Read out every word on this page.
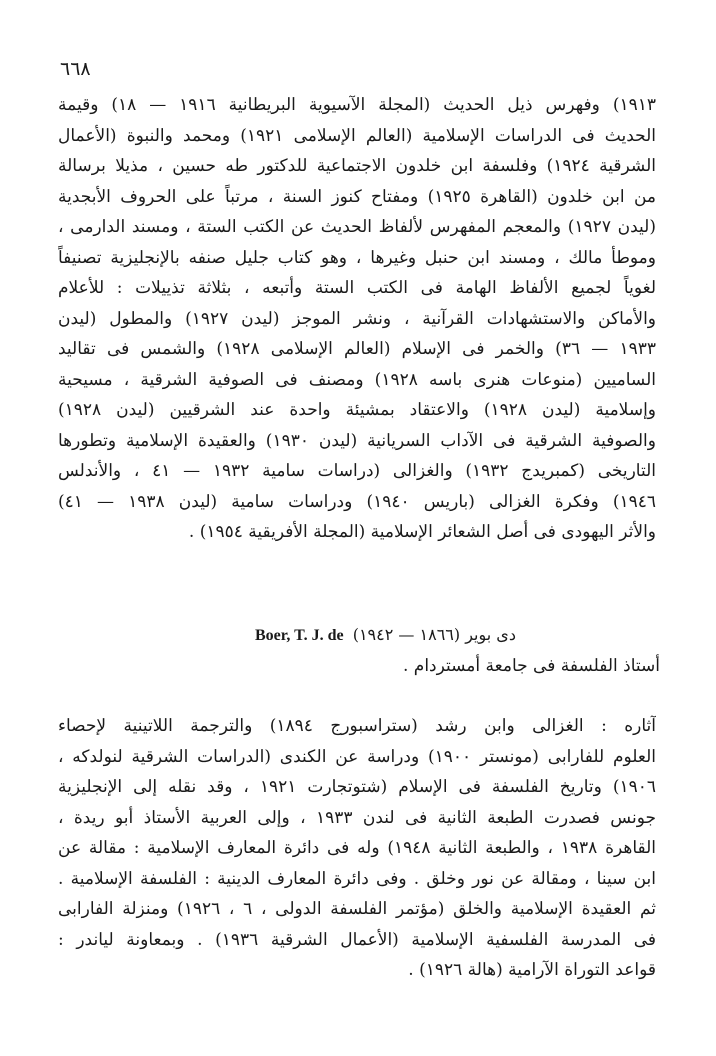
٦٦٨
١٩١٣) وفهرس ذيل الحديث (المجلة الآسيوية البريطانية ١٩١٦ — ١٨) وقيمة
الحديث فى الدراسات الإسلامية (العالم الإسلامى ١٩٢١) ومحمد والنبوة (الأعمال
الشرقية ١٩٢٤) وفلسفة ابن خلدون الاجتماعية للدكتور طه حسين ، مذيلا برسالة
من ابن خلدون (القاهرة ١٩٢٥) ومفتاح كنوز السنة ، مرتباً على الحروف الأبجدية
(ليدن ١٩٢٧) والمعجم المفهرس لألفاظ الحديث عن الكتب الستة ، ومسند الدارمى ،
وموطأ مالك ، ومسند ابن حنبل وغيرها ، وهو كتاب جليل صنفه بالإنجليزية تصنيفاً
لغوياً لجميع الألفاظ الهامة فى الكتب الستة وأتبعه ، بثلاثة تذييلات : للأعلام
والأماكن والاستشهادات القرآنية ، ونشر الموجز (ليدن ١٩٢٧) والمطول (ليدن
١٩٣٣ — ٣٦) والخمر فى الإسلام (العالم الإسلامى ١٩٢٨) والشمس فى تقاليد
الساميين (منوعات هنرى باسه ١٩٢٨) ومصنف فى الصوفية الشرقية ، مسيحية
وإسلامية (ليدن ١٩٢٨) والاعتقاد بمشيئة واحدة عند الشرقيين (ليدن ١٩٢٨)
والصوفية الشرقية فى الآداب السريانية (ليدن ١٩٣٠) والعقيدة الإسلامية وتطورها
التاريخى (كمبريدج ١٩٣٢) والغزالى (دراسات سامية ١٩٣٢ — ٤١ ، والأندلس
١٩٤٦) وفكرة الغزالى (باريس ١٩٤٠) ودراسات سامية (ليدن ١٩٣٨ — ٤١)
والأثر اليهودى فى أصل الشعائر الإسلامية (المجلة الأفريقية ١٩٥٤) .
Boer, T. J. de دى بوير (١٨٦٦ — ١٩٤٢)
أستاذ الفلسفة فى جامعة أمستردام .
آثاره : الغزالى وابن رشد (ستراسبورج ١٨٩٤) والترجمة اللاتينية لإحصاء
العلوم للفارابى (مونستر ١٩٠٠) ودراسة عن الكندى (الدراسات الشرقية لنولدكه ،
١٩٠٦) وتاريخ الفلسفة فى الإسلام (شتوتجارت ١٩٢١ ، وقد نقله إلى الإنجليزية
جونس فصدرت الطبعة الثانية فى لندن ١٩٣٣ ، وإلى العربية الأستاذ أبو ريدة ،
القاهرة ١٩٣٨ ، والطبعة الثانية ١٩٤٨) وله فى دائرة المعارف الإسلامية : مقالة عن
ابن سينا ، ومقالة عن نور وخلق . وفى دائرة المعارف الدينية : الفلسفة الإسلامية .
ثم العقيدة الإسلامية والخلق (مؤتمر الفلسفة الدولى ، ٦ ، ١٩٢٦) ومنزلة الفارابى
فى المدرسة الفلسفية الإسلامية (الأعمال الشرقية ١٩٣٦) . وبمعاونة لياندر :
قواعد التوراة الآرامية (هالة ١٩٢٦) .
